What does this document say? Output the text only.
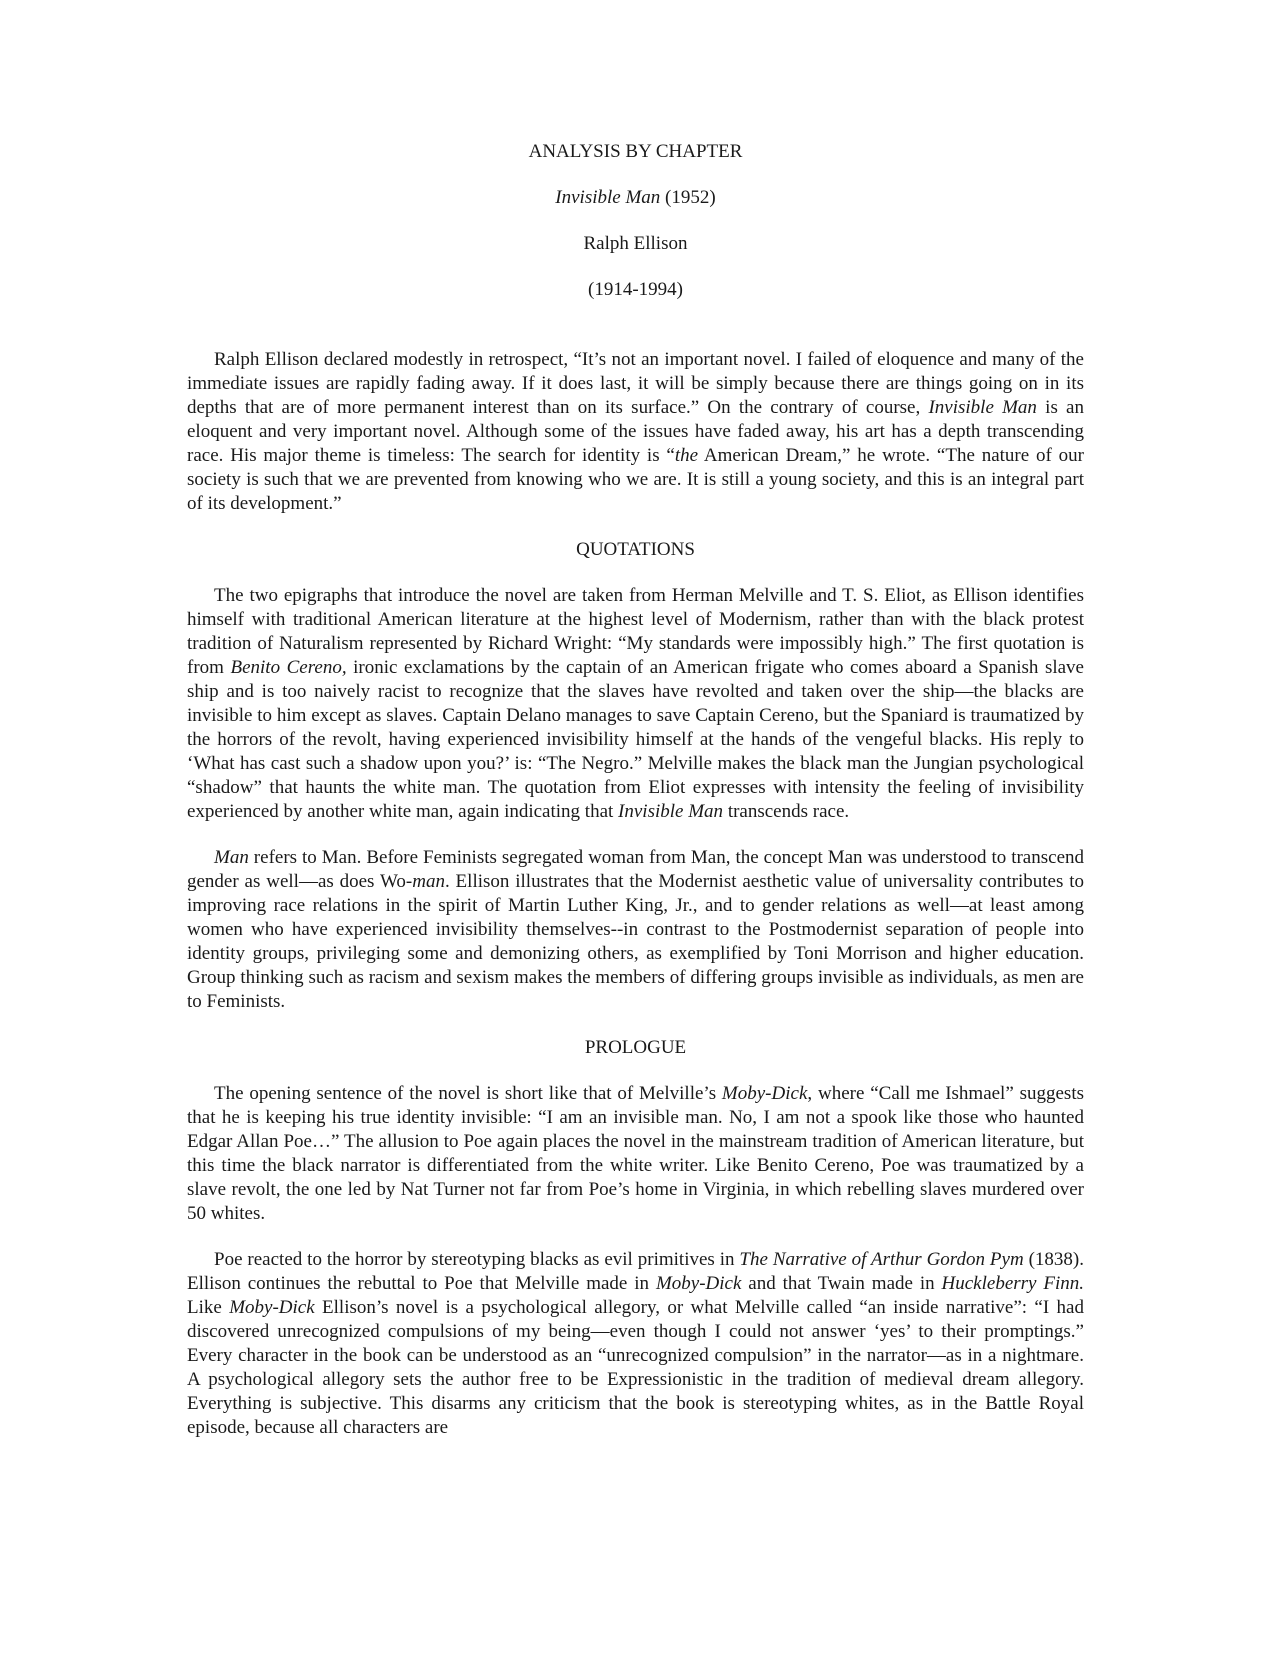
ANALYSIS BY CHAPTER
Invisible Man (1952)
Ralph Ellison
(1914-1994)

Ralph Ellison declared modestly in retrospect, “It’s not an important novel. I failed of eloquence and many of the immediate issues are rapidly fading away. If it does last, it will be simply because there are things going on in its depths that are of more permanent interest than on its surface.” On the contrary of course, Invisible Man is an eloquent and very important novel. Although some of the issues have faded away, his art has a depth transcending race. His major theme is timeless: The search for identity is “the American Dream,” he wrote. “The nature of our society is such that we are prevented from knowing who we are. It is still a young society, and this is an integral part of its development.”

QUOTATIONS

The two epigraphs that introduce the novel are taken from Herman Melville and T. S. Eliot, as Ellison identifies himself with traditional American literature at the highest level of Modernism, rather than with the black protest tradition of Naturalism represented by Richard Wright: “My standards were impossibly high.” The first quotation is from Benito Cereno, ironic exclamations by the captain of an American frigate who comes aboard a Spanish slave ship and is too naively racist to recognize that the slaves have revolted and taken over the ship—the blacks are invisible to him except as slaves. Captain Delano manages to save Captain Cereno, but the Spaniard is traumatized by the horrors of the revolt, having experienced invisibility himself at the hands of the vengeful blacks. His reply to ‘What has cast such a shadow upon you?’ is: “The Negro.” Melville makes the black man the Jungian psychological “shadow” that haunts the white man. The quotation from Eliot expresses with intensity the feeling of invisibility experienced by another white man, again indicating that Invisible Man transcends race.

Man refers to Man. Before Feminists segregated woman from Man, the concept Man was understood to transcend gender as well—as does Wo-man. Ellison illustrates that the Modernist aesthetic value of universality contributes to improving race relations in the spirit of Martin Luther King, Jr., and to gender relations as well—at least among women who have experienced invisibility themselves--in contrast to the Postmodernist separation of people into identity groups, privileging some and demonizing others, as exemplified by Toni Morrison and higher education. Group thinking such as racism and sexism makes the members of differing groups invisible as individuals, as men are to Feminists.

PROLOGUE

The opening sentence of the novel is short like that of Melville’s Moby-Dick, where “Call me Ishmael” suggests that he is keeping his true identity invisible: “I am an invisible man. No, I am not a spook like those who haunted Edgar Allan Poe…” The allusion to Poe again places the novel in the mainstream tradition of American literature, but this time the black narrator is differentiated from the white writer. Like Benito Cereno, Poe was traumatized by a slave revolt, the one led by Nat Turner not far from Poe’s home in Virginia, in which rebelling slaves murdered over 50 whites.

Poe reacted to the horror by stereotyping blacks as evil primitives in The Narrative of Arthur Gordon Pym (1838). Ellison continues the rebuttal to Poe that Melville made in Moby-Dick and that Twain made in Huckleberry Finn. Like Moby-Dick Ellison’s novel is a psychological allegory, or what Melville called “an inside narrative”: “I had discovered unrecognized compulsions of my being—even though I could not answer ‘yes’ to their promptings.” Every character in the book can be understood as an “unrecognized compulsion” in the narrator—as in a nightmare. A psychological allegory sets the author free to be Expressionistic in the tradition of medieval dream allegory. Everything is subjective. This disarms any criticism that the book is stereotyping whites, as in the Battle Royal episode, because all characters are
